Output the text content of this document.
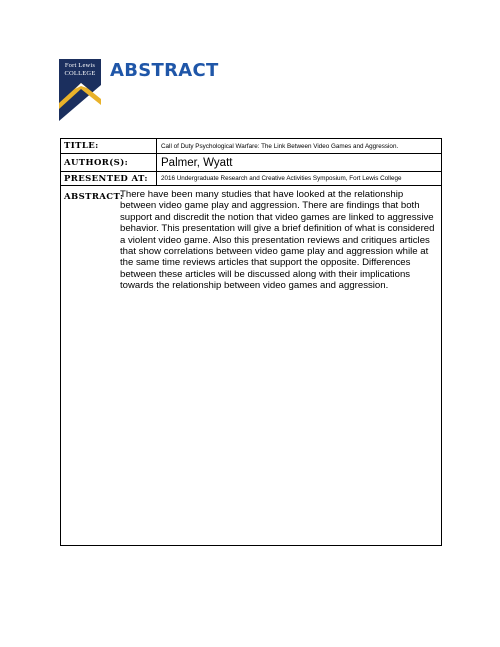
Fort Lewis
COLLEGE ABSTRACT
TITLE:	Call of Duty Psychological Warfare: The Link Between Video Games and Aggression.
AUTHOR(S):	Palmer, Wyatt
PRESENTED AT:	2016 Undergraduate Research and Creative Activities Symposium, Fort Lewis College
ABSTRACT:
There have been many studies that have looked at the relationship between video game play and aggression. There are findings that both support and discredit the notion that video games are linked to aggressive behavior. This presentation will give a brief definition of what is considered a violent video game. Also this presentation reviews and critiques articles that show correlations between video game play and aggression while at the same time reviews articles that support the opposite. Differences between these articles will be discussed along with their implications towards the relationship between video games and aggression.
